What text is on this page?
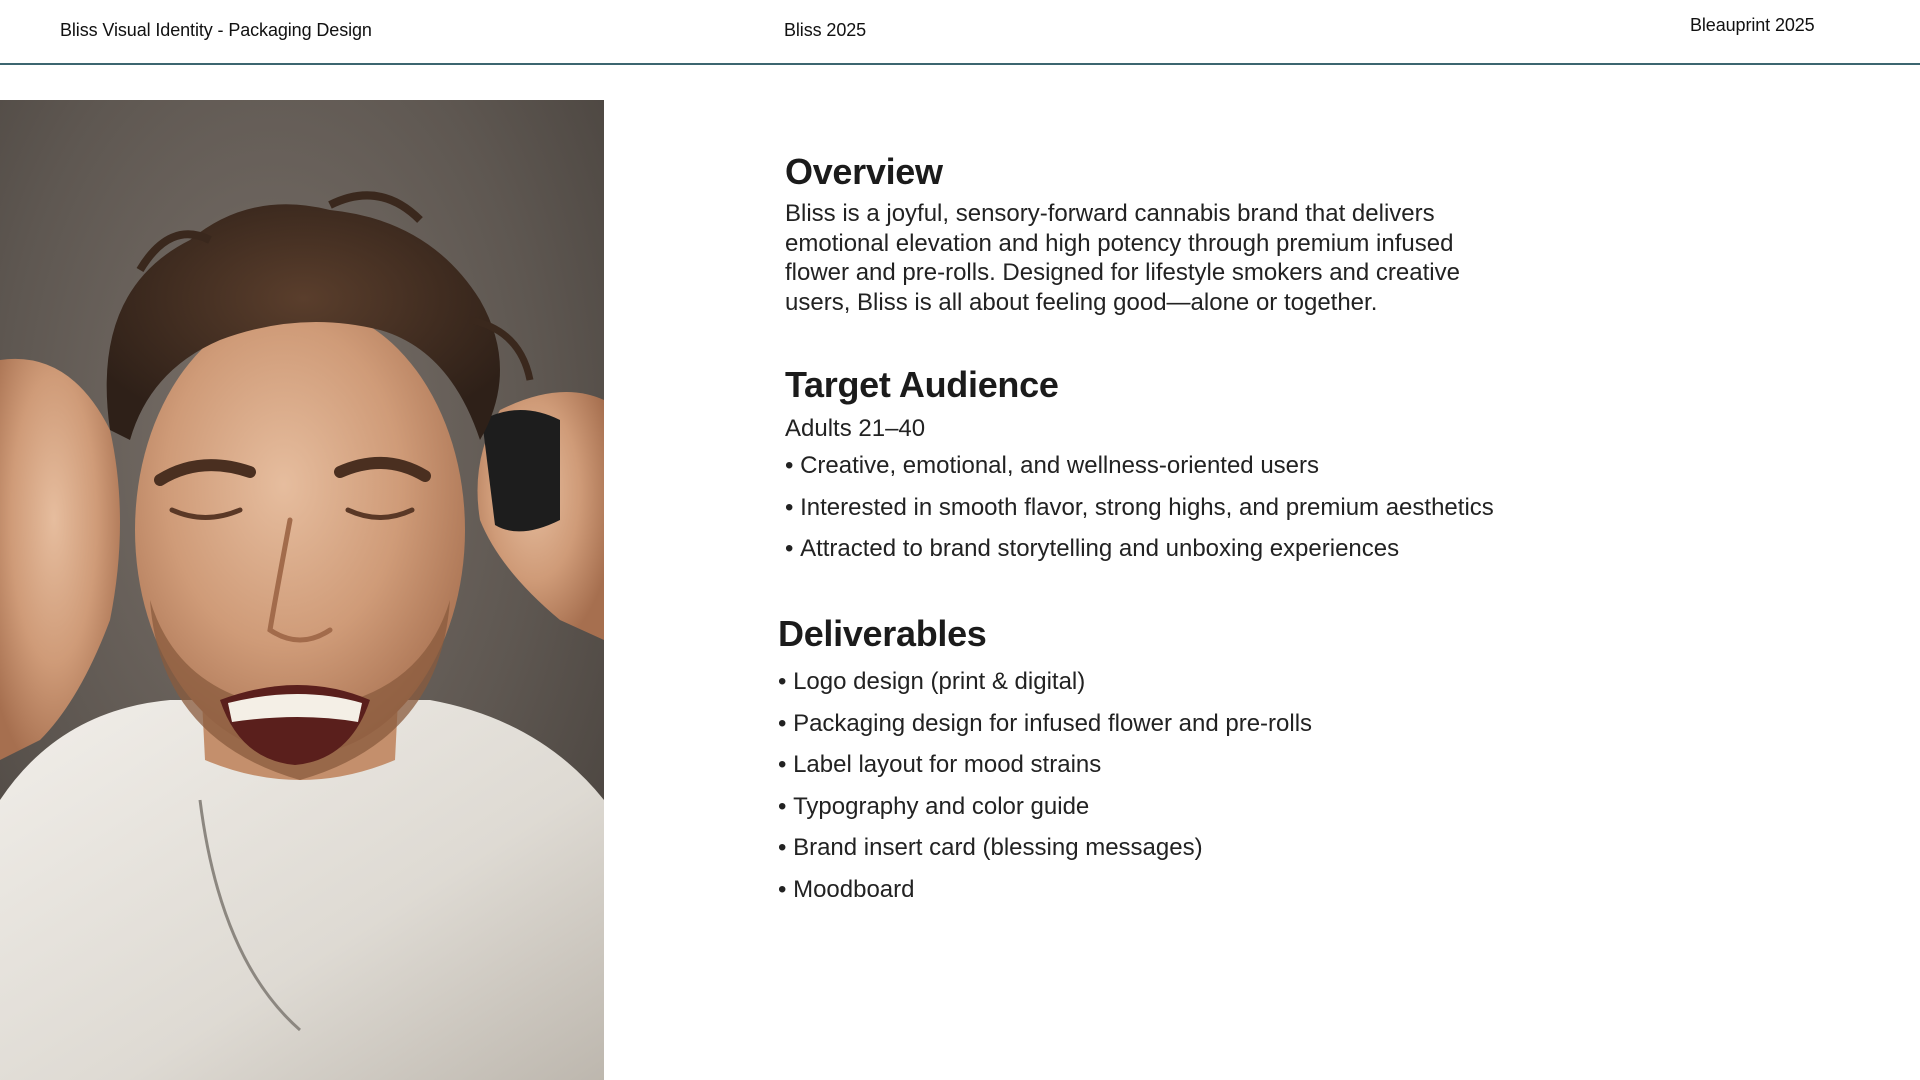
Bliss Visual Identity - Packaging Design	Bliss 2025	Bleauprint 2025
Overview

Bliss is a joyful, sensory-forward cannabis brand that delivers emotional elevation and high potency through premium infused flower and pre-rolls. Designed for lifestyle smokers and creative users, Bliss is all about feeling good—alone or together.

Target Audience
Adults 21–40
• Creative, emotional, and wellness-oriented users
• Interested in smooth flavor, strong highs, and premium aesthetics
• Attracted to brand storytelling and unboxing experiences
Deliverables
• Logo design (print & digital)
• Packaging design for infused flower and pre-rolls
• Label layout for mood strains
• Typography and color guide
• Brand insert card (blessing messages)
• Moodboard
